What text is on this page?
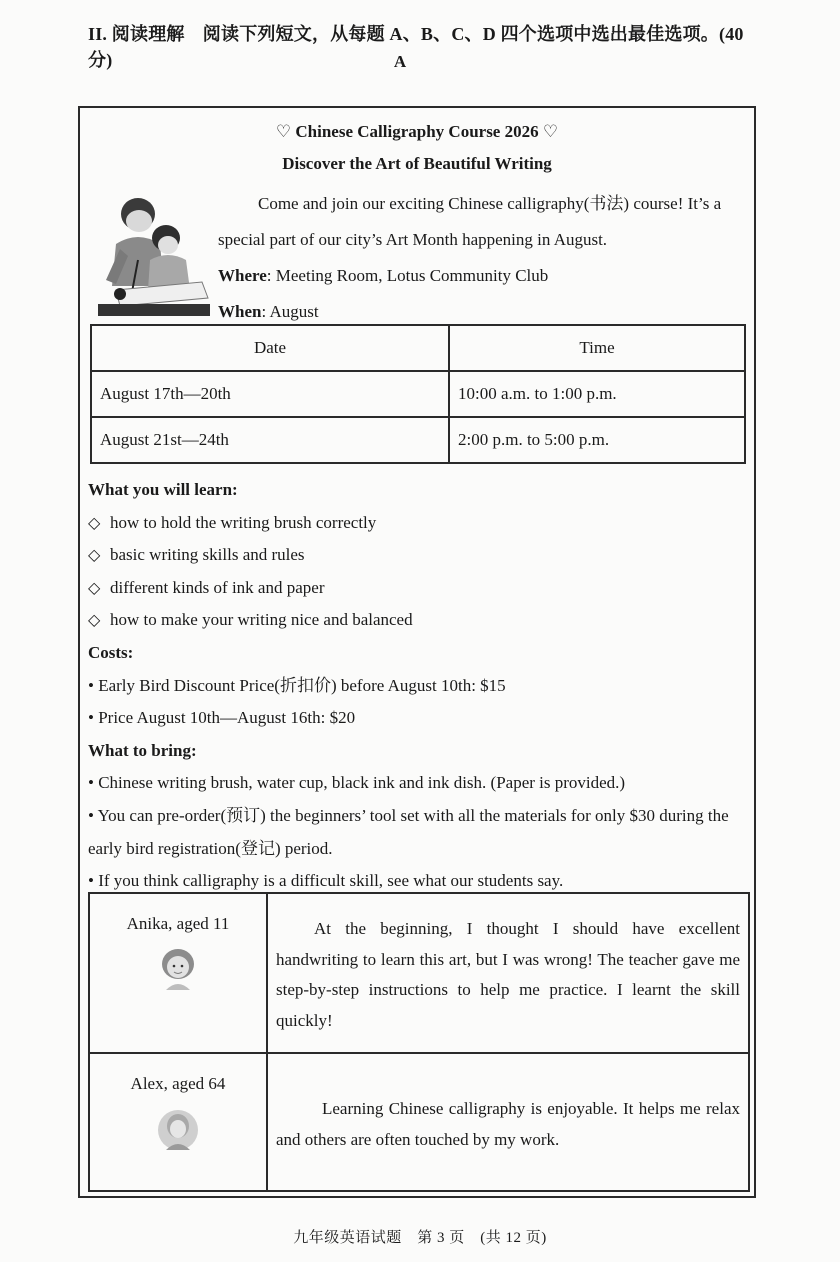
II. 阅读理解　阅读下列短文，从每题 A、B、C、D 四个选项中选出最佳选项。(40 分)	A
♡ Chinese Calligraphy Course 2026 ♡
Discover the Art of Beautiful Writing

Come and join our exciting Chinese calligraphy(书法) course! It’s a

special part of our city’s Art Month happening in August.

Where: Meeting Room, Lotus Community Club

When: August

Date	Time
August 17th—20th	10:00 a.m. to 1:00 p.m.
August 21st—24th	2:00 p.m. to 5:00 p.m.
What you will learn:
◇ how to hold the writing brush correctly
◇ basic writing skills and rules
◇ different kinds of ink and paper
◇ how to make your writing nice and balanced
Costs:
• Early Bird Discount Price(折扣价) before August 10th: $15
• Price August 10th—August 16th: $20
What to bring:
• Chinese writing brush, water cup, black ink and ink dish. (Paper is provided.)
• You can pre-order(预订) the beginners’ tool set with all the materials for only $30 during the early bird registration(登记) period.
• If you think calligraphy is a difficult skill, see what our students say.
Anika, aged 11	At the beginning, I thought I should have excellent handwriting to learn this art, but I was wrong! The teacher gave me step-by-step instructions to help me practice. I learnt the skill quickly!

Alex, aged 64	Learning Chinese calligraphy is enjoyable. It helps me relax and others are often touched by my work.
九年级英语试题　第 3 页　(共 12 页)
